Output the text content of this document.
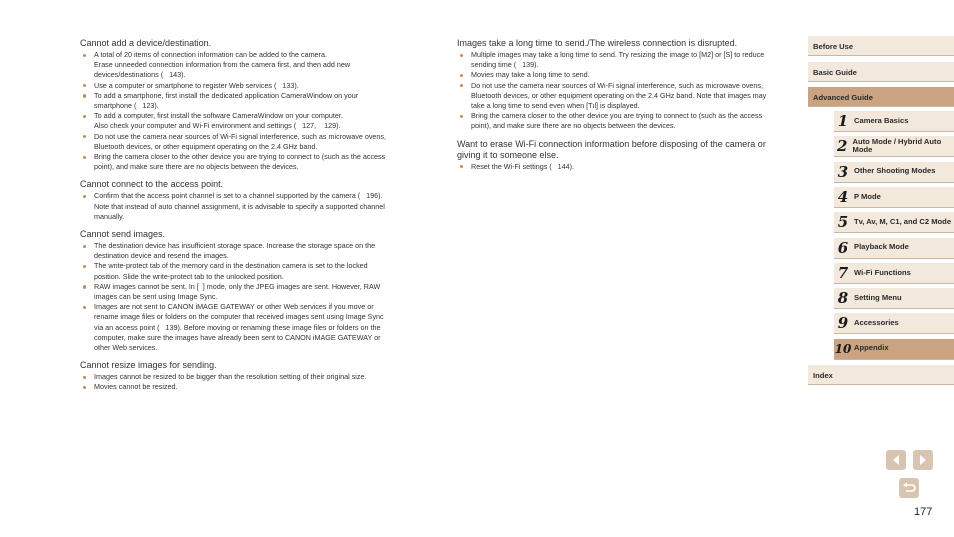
Cannot add a device/destination.
A total of 20 items of connection information can be added to the camera.
Erase unneeded connection information from the camera first, and then add new devices/destinations (   143).
Use a computer or smartphone to register Web services (   133).
To add a smartphone, first install the dedicated application CameraWindow on your smartphone (   123).
To add a computer, first install the software CameraWindow on your computer.
Also check your computer and Wi-Fi environment and settings (   127,    129).
Do not use the camera near sources of Wi-Fi signal interference, such as microwave ovens, Bluetooth devices, or other equipment operating on the 2.4 GHz band.
Bring the camera closer to the other device you are trying to connect to (such as the access point), and make sure there are no objects between the devices.
Cannot connect to the access point.
Confirm that the access point channel is set to a channel supported by the camera (   196). Note that instead of auto channel assignment, it is advisable to specify a supported channel manually.
Cannot send images.
The destination device has insufficient storage space. Increase the storage space on the destination device and resend the images.
The write-protect tab of the memory card in the destination camera is set to the locked position. Slide the write-protect tab to the unlocked position.
RAW images cannot be sent. In [  ] mode, only the JPEG images are sent. However, RAW images can be sent using Image Sync.
Images are not sent to CANON iMAGE GATEWAY or other Web services if you move or rename image files or folders on the computer that received images sent using Image Sync via an access point (   139). Before moving or renaming these image files or folders on the computer, make sure the images have already been sent to CANON iMAGE GATEWAY or other Web services.
Cannot resize images for sending.
Images cannot be resized to be bigger than the resolution setting of their original size.
Movies cannot be resized.
Images take a long time to send./The wireless connection is disrupted.
Multiple images may take a long time to send. Try resizing the image to [M2] or [S] to reduce sending time (   139).
Movies may take a long time to send.
Do not use the camera near sources of Wi-Fi signal interference, such as microwave ovens, Bluetooth devices, or other equipment operating on the 2.4 GHz band. Note that images may take a long time to send even when [Tıl] is displayed.
Bring the camera closer to the other device you are trying to connect to (such as the access point), and make sure there are no objects between the devices.
Want to erase Wi-Fi connection information before disposing of the camera or giving it to someone else.
Reset the Wi-Fi settings (   144).
Before Use
Basic Guide
Advanced Guide
1 Camera Basics
2 Auto Mode / Hybrid Auto Mode
3 Other Shooting Modes
4 P Mode
5 Tv, Av, M, C1, and C2 Mode
6 Playback Mode
7 Wi-Fi Functions
8 Setting Menu
9 Accessories
10 Appendix
Index
177
